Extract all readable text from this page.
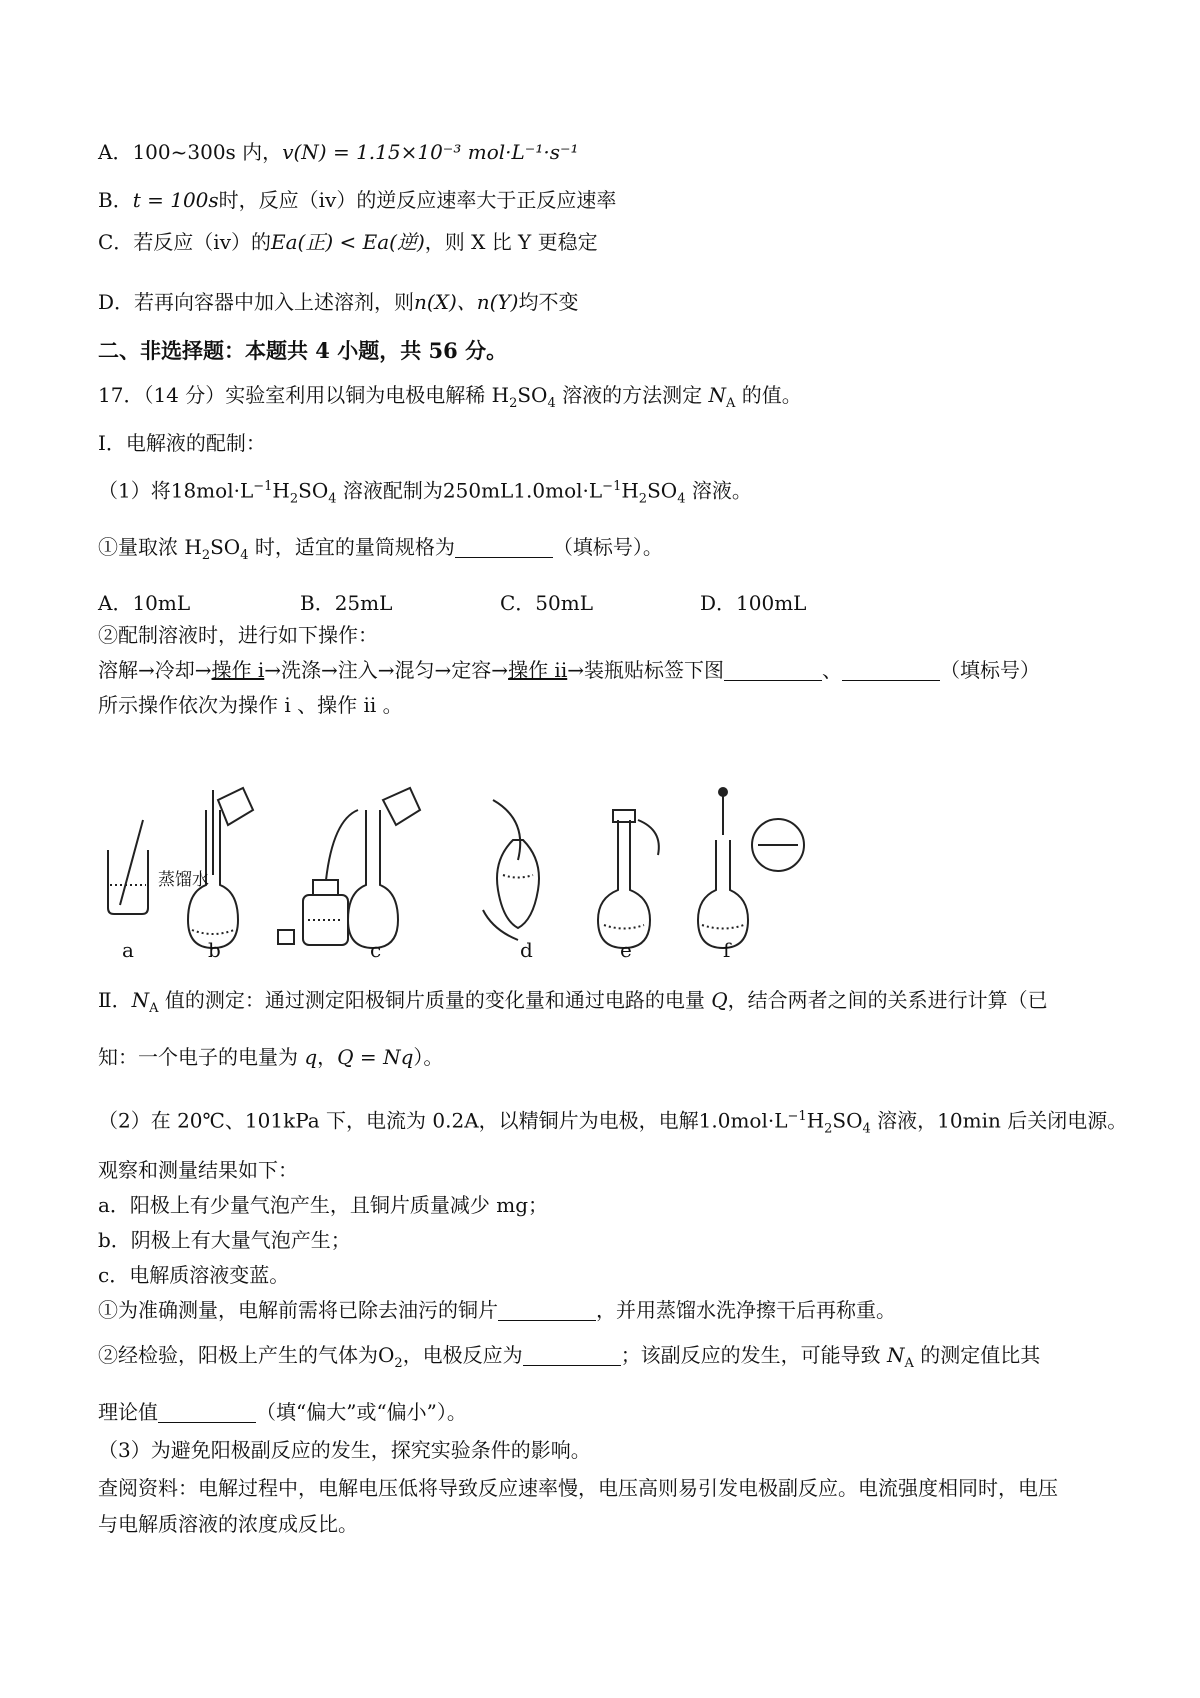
A．100~300s 内，v(N) = 1.15×10⁻³ mol·L⁻¹·s⁻¹
B．t = 100s时，反应（iv）的逆反应速率大于正反应速率
C．若反应（iv）的Ea(正) < Ea(逆)，则 X 比 Y 更稳定
D．若再向容器中加入上述溶剂，则n(X)、n(Y)均不变
二、非选择题：本题共 4 小题，共 56 分。
17．（14 分）实验室利用以铜为电极电解稀 $H_2SO_4$ 溶液的方法测定 $N_A$ 的值。
Ⅰ．电解液的配制：
（1）将$18mol\cdot L^{-1}H_2SO_4$ 溶液配制为$250mL1.0mol\cdot L^{-1}H_2SO_4$ 溶液。
①量取浓 $H_2SO_4$ 时，适宜的量筒规格为	（填标号）。
A．10mL	B．25mL	C．50mL	D．100mL
②配制溶液时，进行如下操作：
溶解→冷却→操作 i→洗涤→注入→混匀→定容→操作 ii→装瓶贴标签下图	、	（填标号）
所示操作依次为操作 i 、操作 ii 。
蒸馏水
a	b	c	d	e	f
Ⅱ．$N_A$ 值的测定：通过测定阳极铜片质量的变化量和通过电路的电量 Q，结合两者之间的关系进行计算（已
知：一个电子的电量为 q，Q = Nq）。
（2）在 20℃、101kPa 下，电流为 0.2A，以精铜片为电极，电解$1.0mol\cdot L^{-1}H_2SO_4$ 溶液，10min 后关闭电源。
观察和测量结果如下：
a．阳极上有少量气泡产生，且铜片质量减少 mg；
b．阴极上有大量气泡产生；
c．电解质溶液变蓝。
①为准确测量，电解前需将已除去油污的铜片	，并用蒸馏水洗净擦干后再称重。
②经检验，阳极上产生的气体为$O_2$，电极反应为	；该副反应的发生，可能导致 $N_A$ 的测定值比其
理论值	（填“偏大”或“偏小”）。
（3）为避免阳极副反应的发生，探究实验条件的影响。
查阅资料：电解过程中，电解电压低将导致反应速率慢，电压高则易引发电极副反应。电流强度相同时，电压
与电解质溶液的浓度成反比。
